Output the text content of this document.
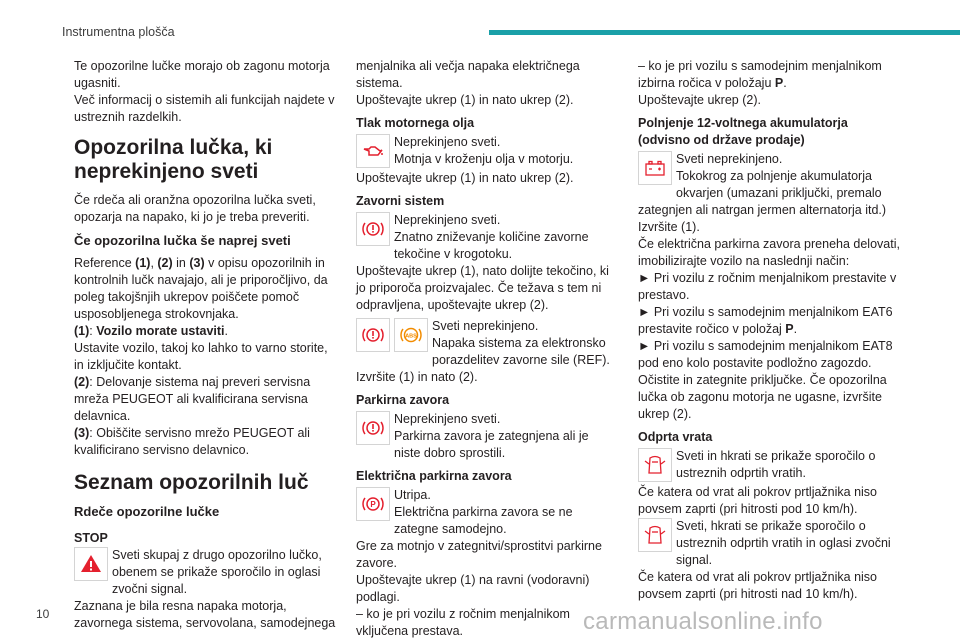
Instrumentna plošča

Te opozorilne lučke morajo ob zagonu motorja ugasniti.
Več informacij o sistemih ali funkcijah najdete v ustreznih razdelkih.

Opozorilna lučka, ki neprekinjeno sveti

Če rdeča ali oranžna opozorilna lučka sveti, opozarja na napako, ki jo je treba preveriti.

Če opozorilna lučka še naprej sveti

Reference (1), (2) in (3) v opisu opozorilnih in kontrolnih lučk navajajo, ali je priporočljivo, da poleg takojšnjih ukrepov poiščete pomoč usposobljenega strokovnjaka.

(1): Vozilo morate ustaviti.
Ustavite vozilo, takoj ko lahko to varno storite, in izključite kontakt.

(2): Delovanje sistema naj preveri servisna mreža PEUGEOT ali kvalificirana servisna delavnica.

(3): Obiščite servisno mrežo PEUGEOT ali kvalificirano servisno delavnico.

Seznam opozorilnih luč
Rdeče opozorilne lučke
STOP
Sveti skupaj z drugo opozorilno lučko, obenem se prikaže sporočilo in oglasi zvočni signal.

Zaznana je bila resna napaka motorja, zavornega sistema, servovolana, samodejnega

menjalnika ali večja napaka električnega sistema.

Upoštevajte ukrep (1) in nato ukrep (2).

Tlak motornega olja
Neprekinjeno sveti.
Motnja v kroženju olja v motorju.

Upoštevajte ukrep (1) in nato ukrep (2).

Zavorni sistem
Neprekinjeno sveti.
Znatno zniževanje količine zavorne tekočine v krogotoku.

Upoštevajte ukrep (1), nato dolijte tekočino, ki jo priporoča proizvajalec. Če težava s tem ni odpravljena, upoštevajte ukrep (2).

ABS
Sveti neprekinjeno.
Napaka sistema za elektronsko porazdelitev zavorne sile (REF).

Izvršite (1) in nato (2).

Parkirna zavora
Neprekinjeno sveti.
Parkirna zavora je zategnjena ali je niste dobro sprostili.
Električna parkirna zavora
P
Utripa.
Električna parkirna zavora se ne zategne samodejno.

Gre za motnjo v zategnitvi/sprostitvi parkirne zavore.

Upoštevajte ukrep (1) na ravni (vodoravni) podlagi.

– ko je pri vozilu z ročnim menjalnikom vključena prestava.

– ko je pri vozilu s samodejnim menjalnikom izbirna ročica v položaju P.

Upoštevajte ukrep (2).

Polnjenje 12-voltnega akumulatorja (odvisno od države prodaje)
Sveti neprekinjeno.
Tokokrog za polnjenje akumulatorja okvarjen (umazani priključki, premalo zategnjen ali natrgan jermen alternatorja itd.)

Izvršite (1).

Če električna parkirna zavora preneha delovati, imobilizirajte vozilo na naslednji način:

► Pri vozilu z ročnim menjalnikom prestavite v prestavo.

► Pri vozilu s samodejnim menjalnikom EAT6 prestavite ročico v položaj P.

► Pri vozilu s samodejnim menjalnikom EAT8 pod eno kolo postavite podložno zagozdo.

Očistite in zategnite priključke. Če opozorilna lučka ob zagonu motorja ne ugasne, izvršite ukrep (2).

Odprta vrata
Sveti in hkrati se prikaže sporočilo o ustreznih odprtih vratih.

Če katera od vrat ali pokrov prtljažnika niso povsem zaprti (pri hitrosti pod 10 km/h).

Sveti, hkrati se prikaže sporočilo o ustreznih odprtih vratih in oglasi zvočni signal.

Če katera od vrat ali pokrov prtljažnika niso povsem zaprti (pri hitrosti nad 10 km/h).

10	carmanualsonline.info
